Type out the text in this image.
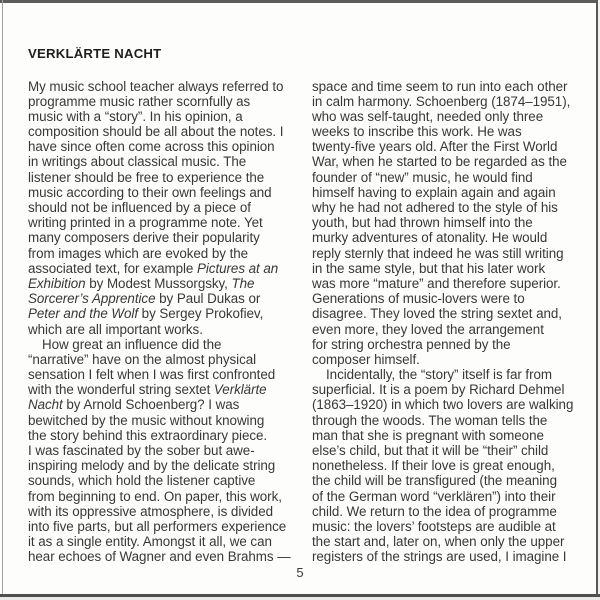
VERKLÄRTE NACHT
My music school teacher always referred to
programme music rather scornfully as
music with a “story”. In his opinion, a
composition should be all about the notes. I
have since often come across this opinion
in writings about classical music. The
listener should be free to experience the
music according to their own feelings and
should not be influenced by a piece of
writing printed in a programme note. Yet
many composers derive their popularity
from images which are evoked by the
associated text, for example Pictures at an
Exhibition by Modest Mussorgsky, The
Sorcerer’s Apprentice by Paul Dukas or
Peter and the Wolf by Sergey Prokofiev,
which are all important works.
How great an influence did the
“narrative” have on the almost physical
sensation I felt when I was first confronted
with the wonderful string sextet Verklärte
Nacht by Arnold Schoenberg? I was
bewitched by the music without knowing
the story behind this extraordinary piece.
I was fascinated by the sober but awe-
inspiring melody and by the delicate string
sounds, which hold the listener captive
from beginning to end. On paper, this work,
with its oppressive atmosphere, is divided
into five parts, but all performers experience
it as a single entity. Amongst it all, we can
hear echoes of Wagner and even Brahms —
space and time seem to run into each other
in calm harmony. Schoenberg (1874–1951),
who was self-taught, needed only three
weeks to inscribe this work. He was
twenty-five years old. After the First World
War, when he started to be regarded as the
founder of “new” music, he would find
himself having to explain again and again
why he had not adhered to the style of his
youth, but had thrown himself into the
murky adventures of atonality. He would
reply sternly that indeed he was still writing
in the same style, but that his later work
was more “mature” and therefore superior.
Generations of music-lovers were to
disagree. They loved the string sextet and,
even more, they loved the arrangement
for string orchestra penned by the
composer himself.
Incidentally, the “story” itself is far from
superficial. It is a poem by Richard Dehmel
(1863–1920) in which two lovers are walking
through the woods. The woman tells the
man that she is pregnant with someone
else’s child, but that it will be “their” child
nonetheless. If their love is great enough,
the child will be transfigured (the meaning
of the German word “verklären”) into their
child. We return to the idea of programme
music: the lovers’ footsteps are audible at
the start and, later on, when only the upper
registers of the strings are used, I imagine I
5
